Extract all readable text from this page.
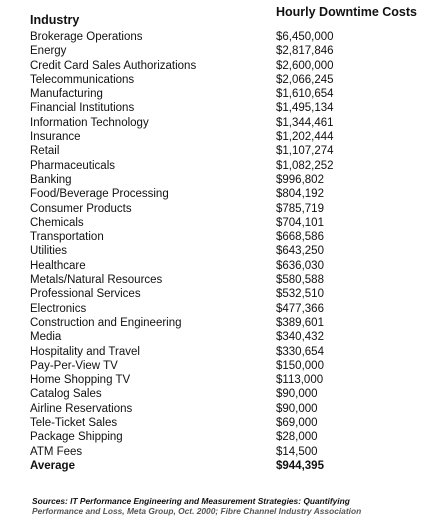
Industry
Hourly Downtime Costs
Brokerage Operations	$6,450,000
Energy	$2,817,846
Credit Card Sales Authorizations	$2,600,000
Telecommunications	$2,066,245
Manufacturing	$1,610,654
Financial Institutions	$1,495,134
Information Technology	$1,344,461
Insurance	$1,202,444
Retail	$1,107,274
Pharmaceuticals	$1,082,252
Banking	$996,802
Food/Beverage Processing	$804,192
Consumer Products	$785,719
Chemicals	$704,101
Transportation	$668,586
Utilities	$643,250
Healthcare	$636,030
Metals/Natural Resources	$580,588
Professional Services	$532,510
Electronics	$477,366
Construction and Engineering	$389,601
Media	$340,432
Hospitality and Travel	$330,654
Pay-Per-View TV	$150,000
Home Shopping TV	$113,000
Catalog Sales	$90,000
Airline Reservations	$90,000
Tele-Ticket Sales	$69,000
Package Shipping	$28,000
ATM Fees	$14,500
Average	$944,395
Sources: IT Performance Engineering and Measurement Strategies: Quantifying
Performance and Loss, Meta Group, Oct. 2000; Fibre Channel Industry Association
